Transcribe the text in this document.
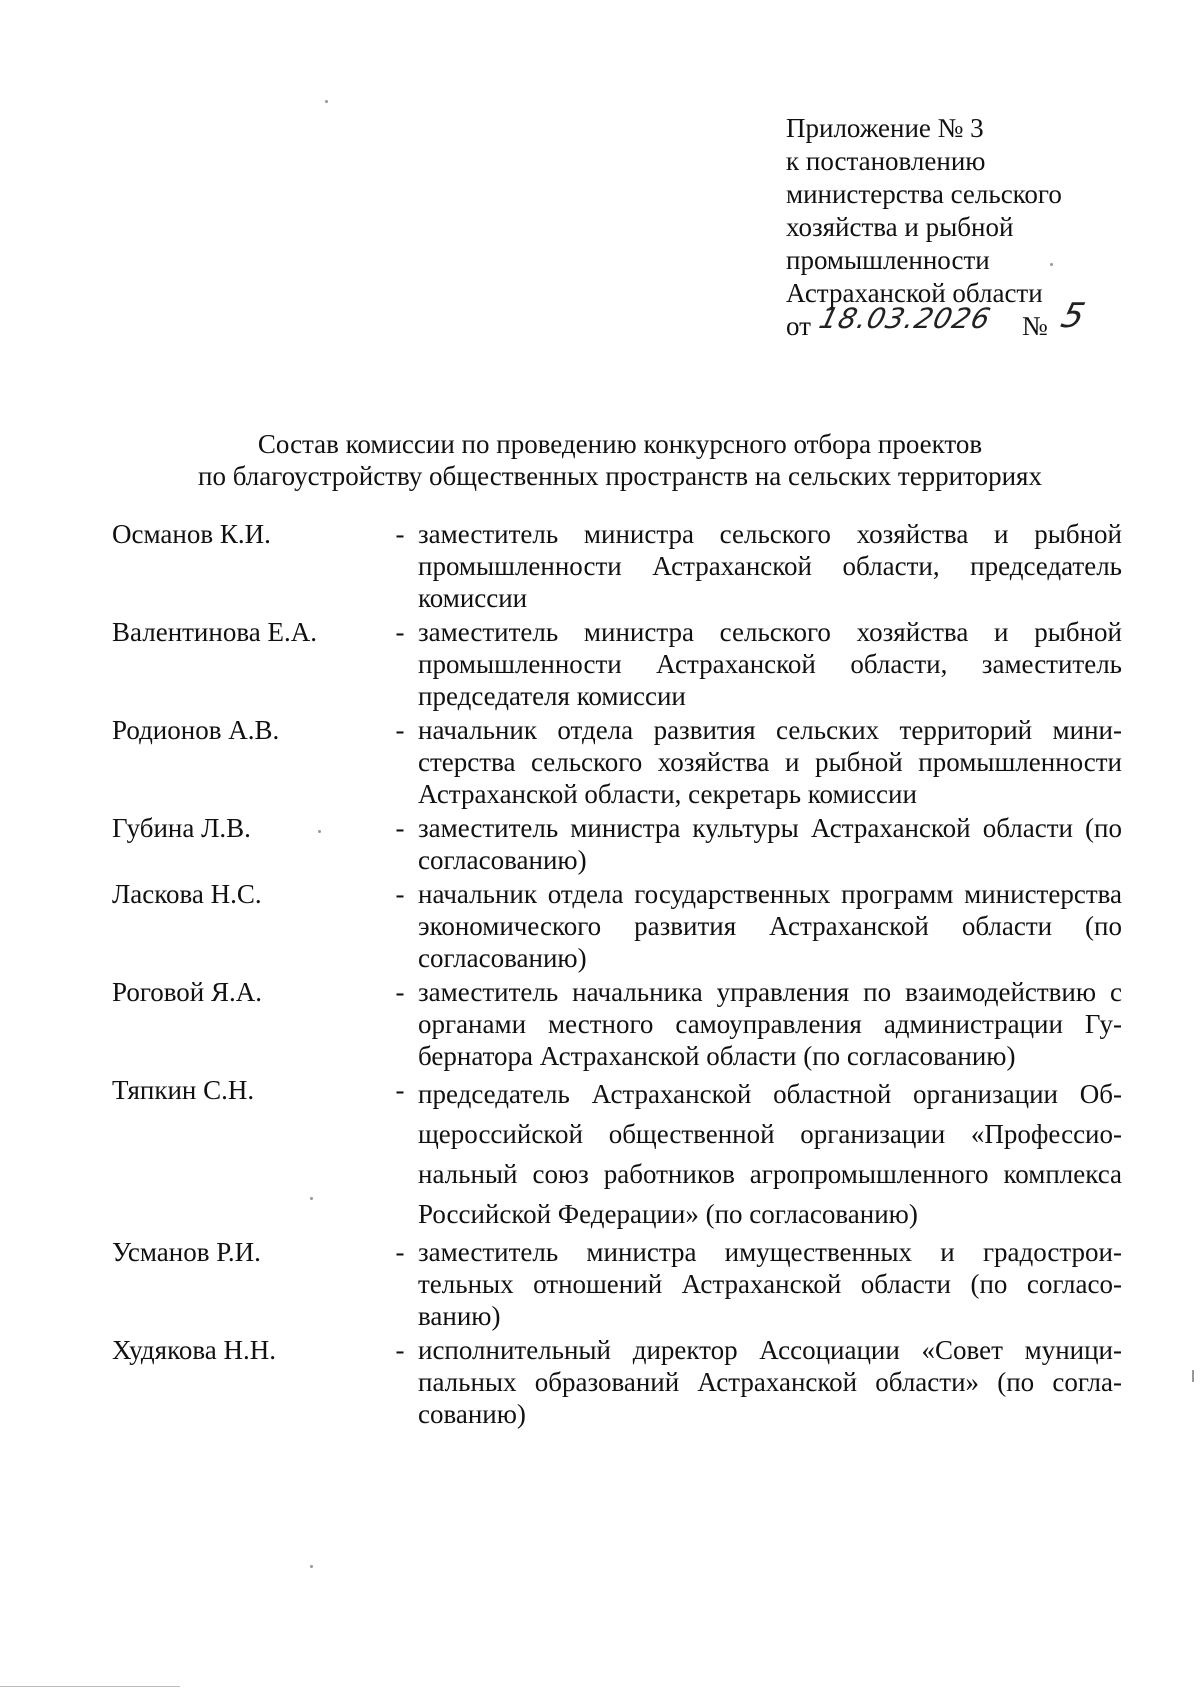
Приложение № 3
к постановлению
министерства сельского
хозяйства и рыбной
промышленности
Астраханской области
от 18.03.2026 № 5
Состав комиссии по проведению конкурсного отбора проектов
по благоустройству общественных пространств на сельских территориях
Османов К.И.	- заместитель министра сельского хозяйства и рыбной промышленности Астраханской области, председатель комиссии
Валентинова Е.А.	- заместитель министра сельского хозяйства и рыбной промышленности Астраханской области, заместитель председателя комиссии
Родионов А.В.	- начальник отдела развития сельских территорий министерства сельского хозяйства и рыбной промышленности Астраханской области, секретарь комиссии
Губина Л.В.	- заместитель министра культуры Астраханской области (по согласованию)
Ласкова Н.С.	- начальник отдела государственных программ министерства экономического развития Астраханской области (по согласованию)
Роговой Я.А.	- заместитель начальника управления по взаимодействию с органами местного самоуправления администрации Губернатора Астраханской области (по согласованию)
Тяпкин С.Н.	- председатель Астраханской областной организации Общероссийской общественной организации «Профессиональный союз работников агропромышленного комплекса Российской Федерации» (по согласованию)
Усманов Р.И.	- заместитель министра имущественных и градостроительных отношений Астраханской области (по согласованию)
Худякова Н.Н.	- исполнительный директор Ассоциации «Совет муниципальных образований Астраханской области» (по согласованию)
